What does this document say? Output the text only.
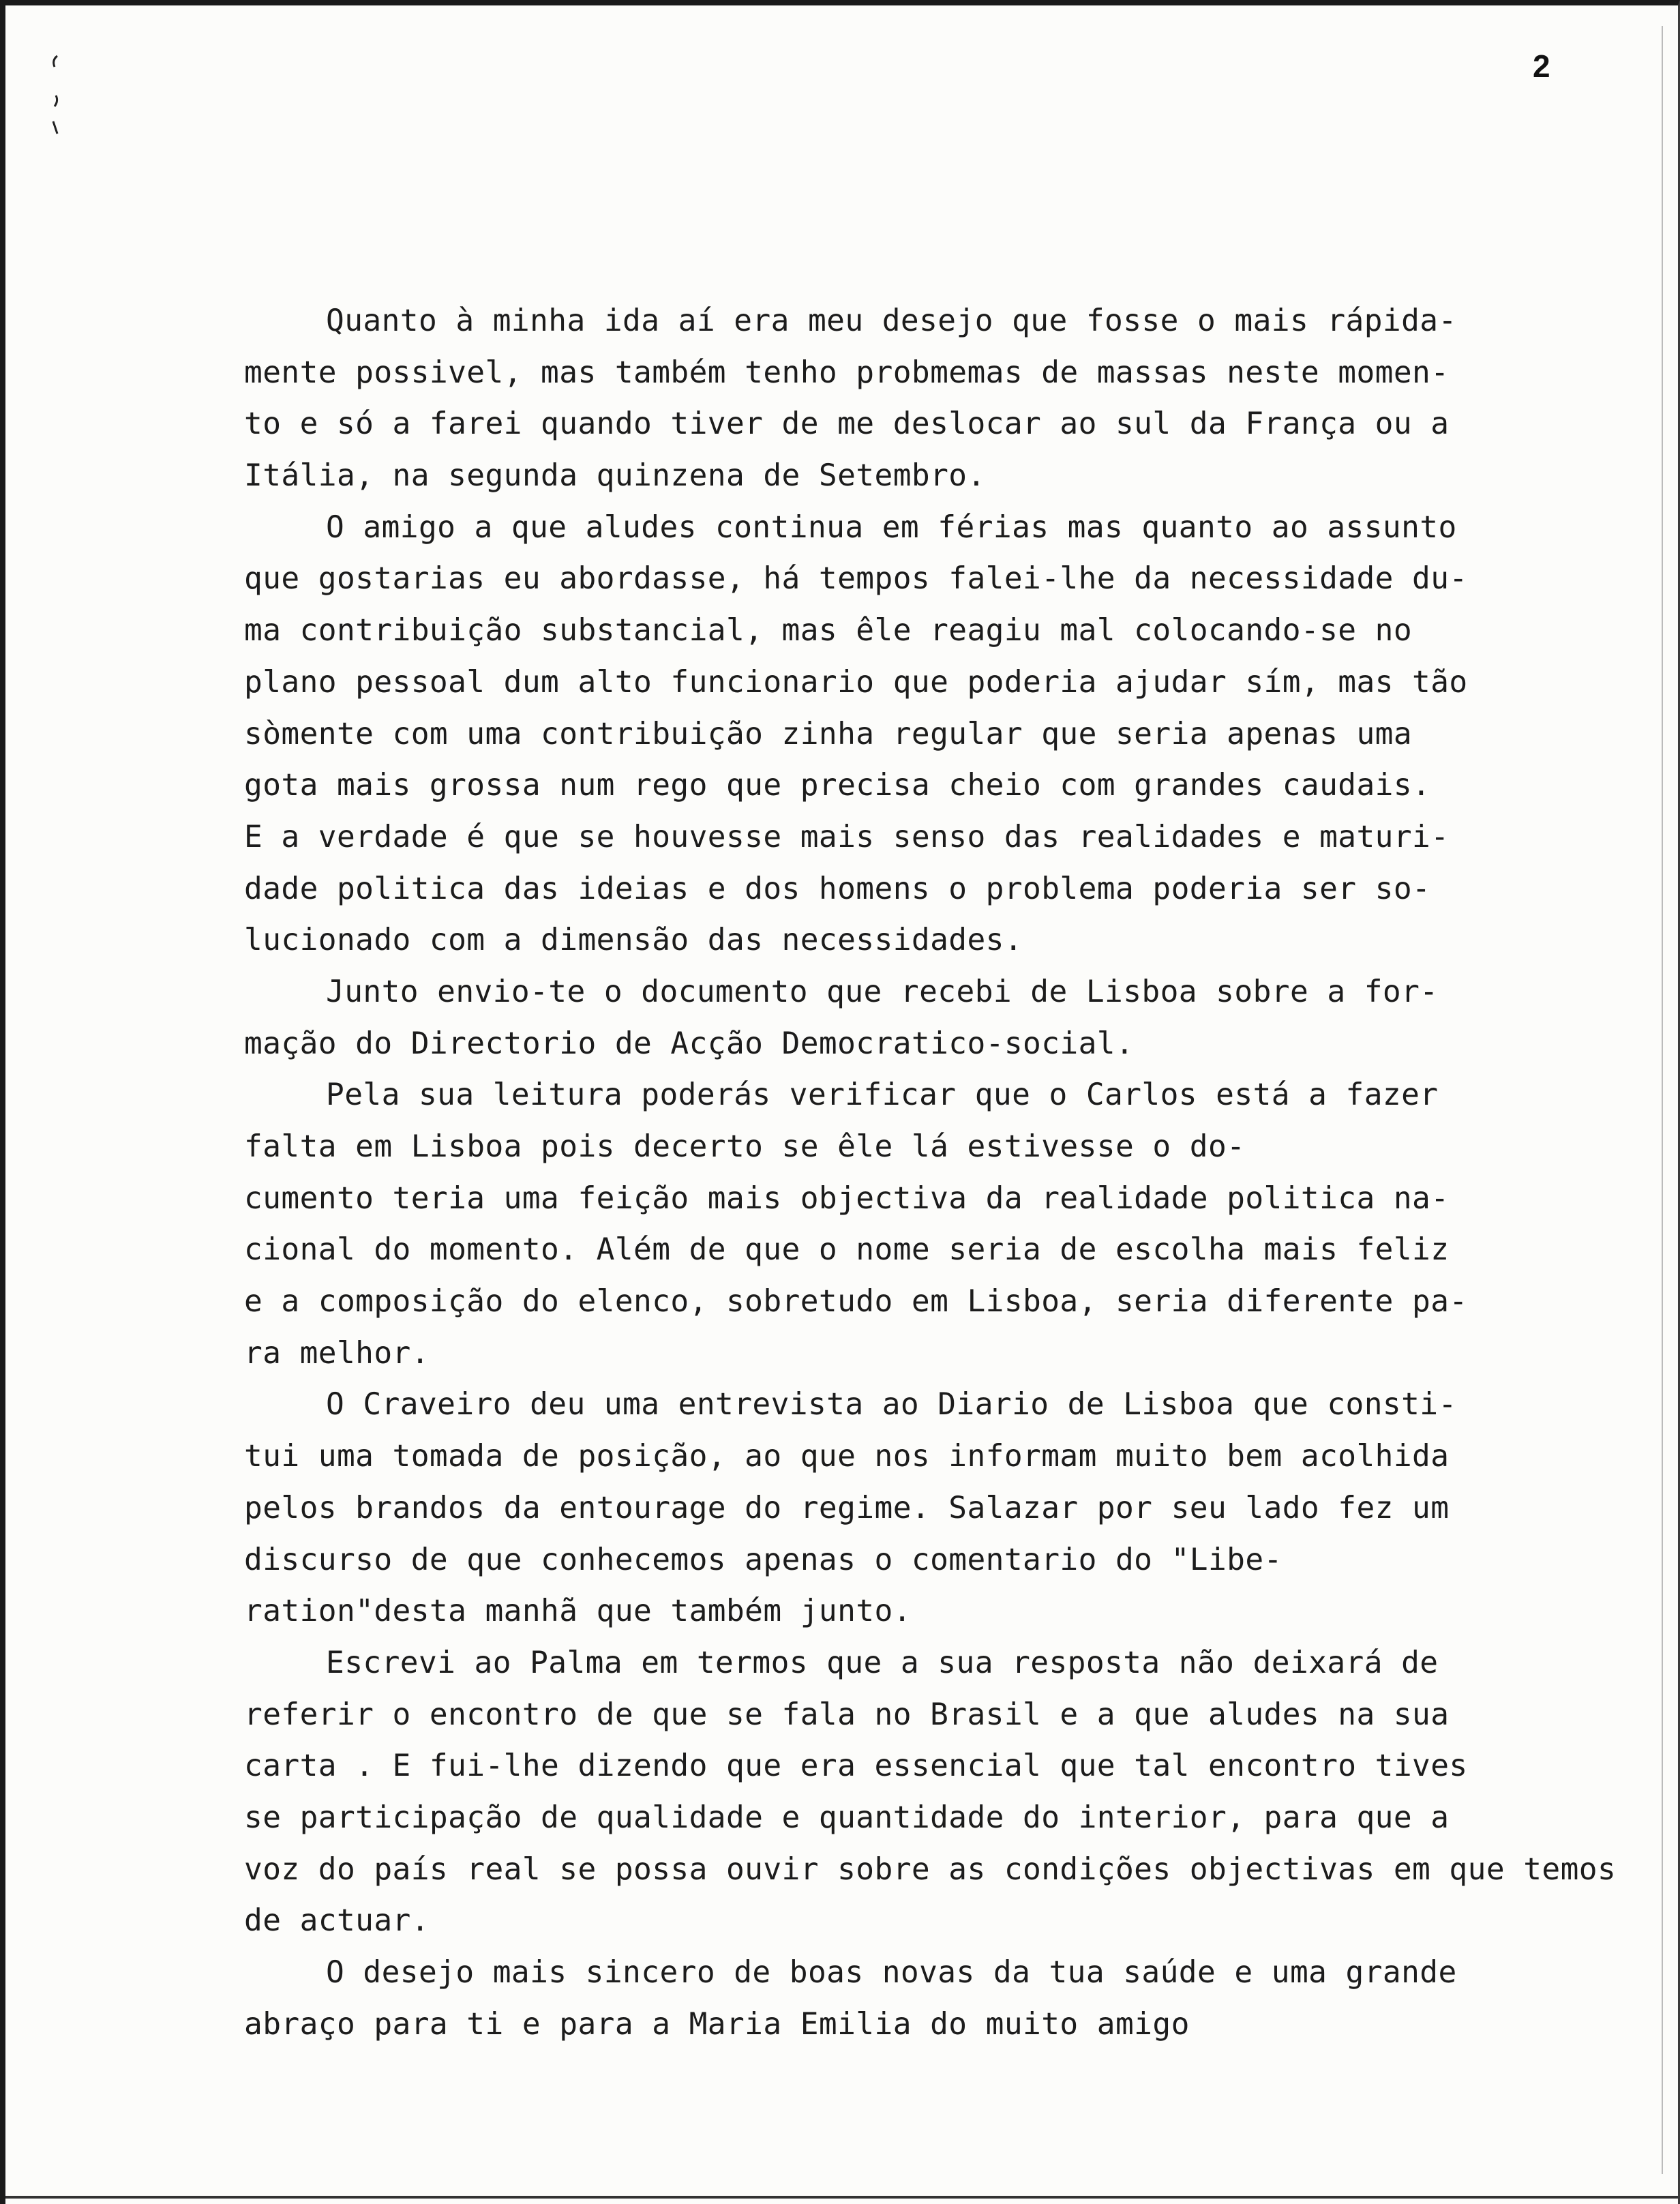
2
Quanto à minha ida aí era meu desejo que fosse o mais rápida-
mente possivel, mas também tenho probmemas de massas neste momen-
to e só a farei quando tiver de me deslocar ao sul da França ou a
Itália, na segunda quinzena de Setembro.
O amigo a que aludes continua em férias mas quanto ao assunto
que gostarias eu abordasse, há tempos falei-lhe da necessidade du-
ma contribuição substancial, mas êle reagiu mal colocando-se no
plano pessoal dum alto funcionario que poderia ajudar sím, mas tão
sòmente com uma contribuição zinha regular que seria apenas uma
gota mais grossa num rego que precisa cheio com grandes caudais.
E a verdade é que se houvesse mais senso das realidades e maturi-
dade politica das ideias e dos homens o problema poderia ser so-
lucionado com a dimensão das necessidades.
Junto envio-te o documento que recebi de Lisboa sobre a for-
mação do Directorio de Acção Democratico-social.
Pela sua leitura poderás verificar que o Carlos está a fazer
falta em Lisboa pois decerto se êle lá estivesse o do-
cumento teria uma feição mais objectiva da realidade politica na-
cional do momento. Além de que o nome seria de escolha mais feliz
e a composição do elenco, sobretudo em Lisboa, seria diferente pa-
ra melhor.
O Craveiro deu uma entrevista ao Diario de Lisboa que consti-
tui uma tomada de posição, ao que nos informam muito bem acolhida
pelos brandos da entourage do regime. Salazar por seu lado fez um
discurso de que conhecemos apenas o comentario do "Libe-
ration"desta manhã que também junto.
Escrevi ao Palma em termos que a sua resposta não deixará de
referir o encontro de que se fala no Brasil e a que aludes na sua
carta . E fui-lhe dizendo que era essencial que tal encontro tives
se participação de qualidade e quantidade do interior, para que a
voz do país real se possa ouvir sobre as condições objectivas em que temos
de actuar.
O desejo mais sincero de boas novas da tua saúde e uma grande
abraço para ti e para a Maria Emilia do muito amigo
